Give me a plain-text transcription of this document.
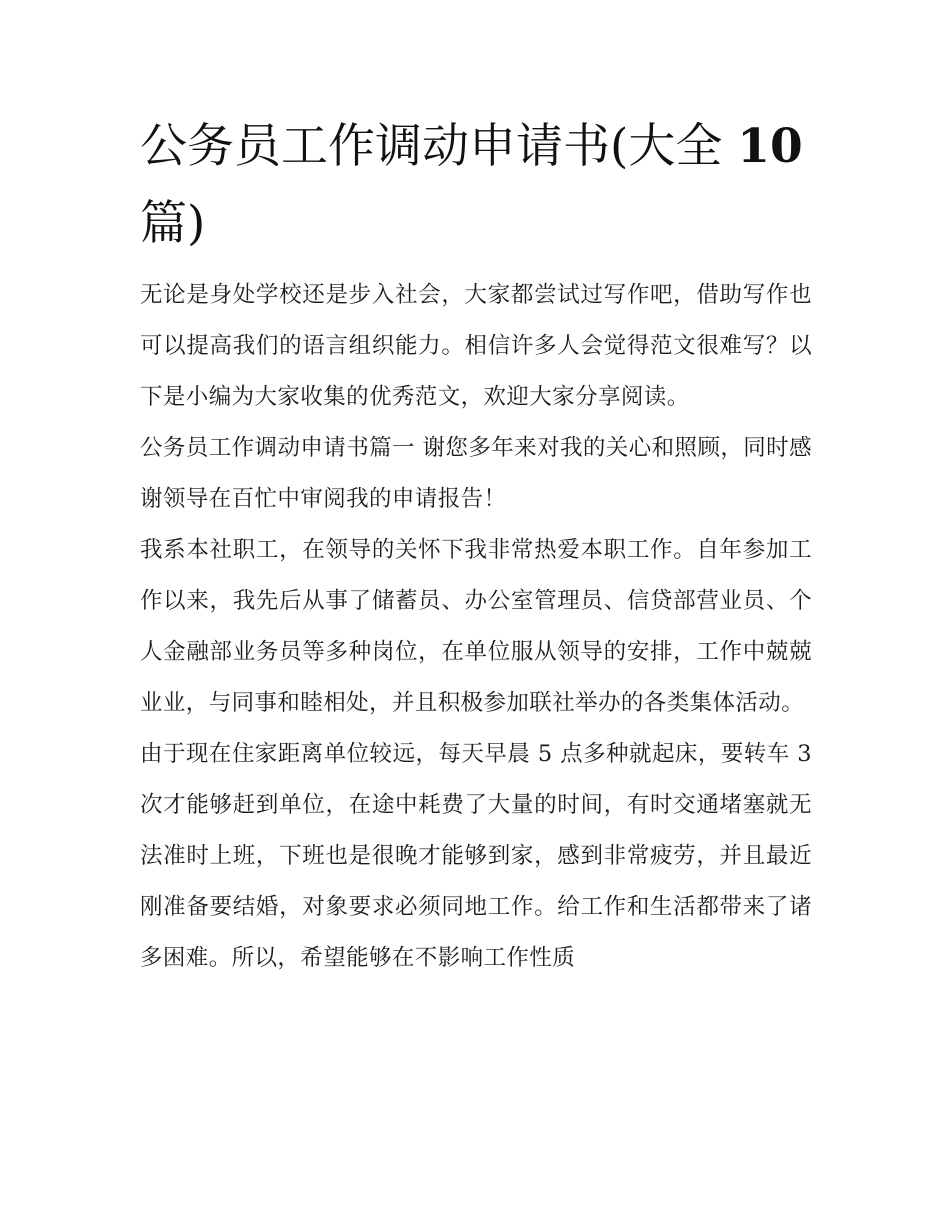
公务员工作调动申请书(大全 10 篇)

无论是身处学校还是步入社会，大家都尝试过写作吧，借助写作也可以提高我们的语言组织能力。相信许多人会觉得范文很难写？以下是小编为大家收集的优秀范文，欢迎大家分享阅读。

公务员工作调动申请书篇一 谢您多年来对我的关心和照顾，同时感谢领导在百忙中审阅我的申请报告！

我系本社职工，在领导的关怀下我非常热爱本职工作。自年参加工作以来，我先后从事了储蓄员、办公室管理员、信贷部营业员、个人金融部业务员等多种岗位，在单位服从领导的安排，工作中兢兢业业，与同事和睦相处，并且积极参加联社举办的各类集体活动。

由于现在住家距离单位较远，每天早晨 5 点多种就起床，要转车 3 次才能够赶到单位，在途中耗费了大量的时间，有时交通堵塞就无法准时上班，下班也是很晚才能够到家，感到非常疲劳，并且最近刚准备要结婚，对象要求必须同地工作。给工作和生活都带来了诸多困难。所以，希望能够在不影响工作性质
